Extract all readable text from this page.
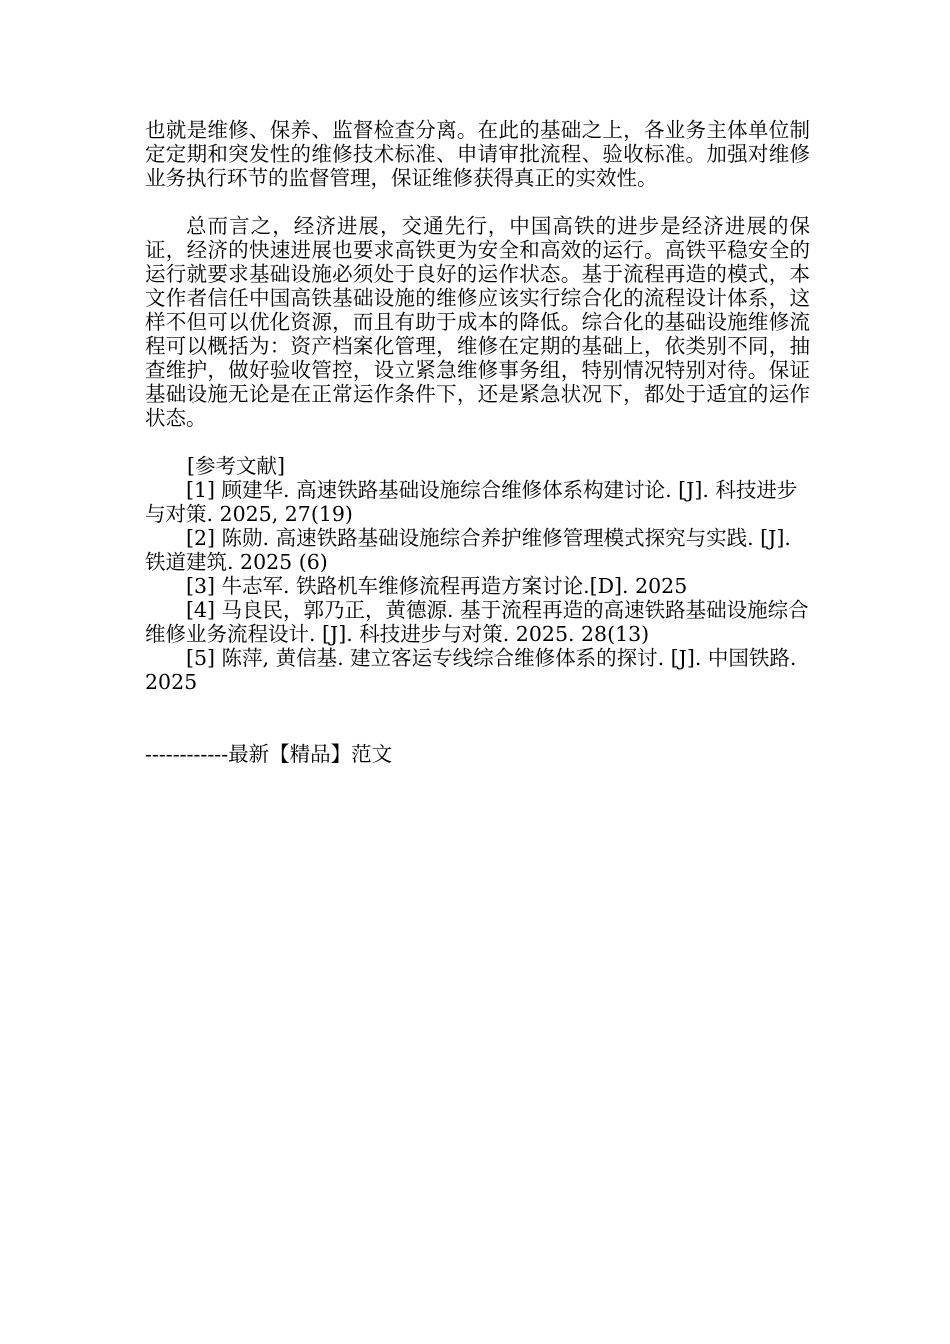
也就是维修、保养、监督检查分离。在此的基础之上，各业务主体单位制定定期和突发性的维修技术标准、申请审批流程、验收标准。加强对维修业务执行环节的监督管理，保证维修获得真正的实效性。

总而言之，经济进展，交通先行，中国高铁的进步是经济进展的保证，经济的快速进展也要求高铁更为安全和高效的运行。高铁平稳安全的运行就要求基础设施必须处于良好的运作状态。基于流程再造的模式，本文作者信任中国高铁基础设施的维修应该实行综合化的流程设计体系，这样不但可以优化资源，而且有助于成本的降低。综合化的基础设施维修流程可以概括为：资产档案化管理，维修在定期的基础上，依类别不同，抽查维护，做好验收管控，设立紧急维修事务组，特别情况特别对待。保证基础设施无论是在正常运作条件下，还是紧急状况下，都处于适宜的运作状态。

[参考文献]

[1] 顾建华. 高速铁路基础设施综合维修体系构建讨论. [J]. 科技进步与对策. 2025, 27(19)

[2] 陈勋. 高速铁路基础设施综合养护维修管理模式探究与实践. [J]. 铁道建筑. 2025 (6)

[3] 牛志军. 铁路机车维修流程再造方案讨论.[D]. 2025

[4] 马良民，郭乃正，黄德源. 基于流程再造的高速铁路基础设施综合维修业务流程设计. [J]. 科技进步与对策. 2025. 28(13)

[5] 陈萍, 黄信基. 建立客运专线综合维修体系的探讨. [J]. 中国铁路. 2025

------------最新【精品】范文
